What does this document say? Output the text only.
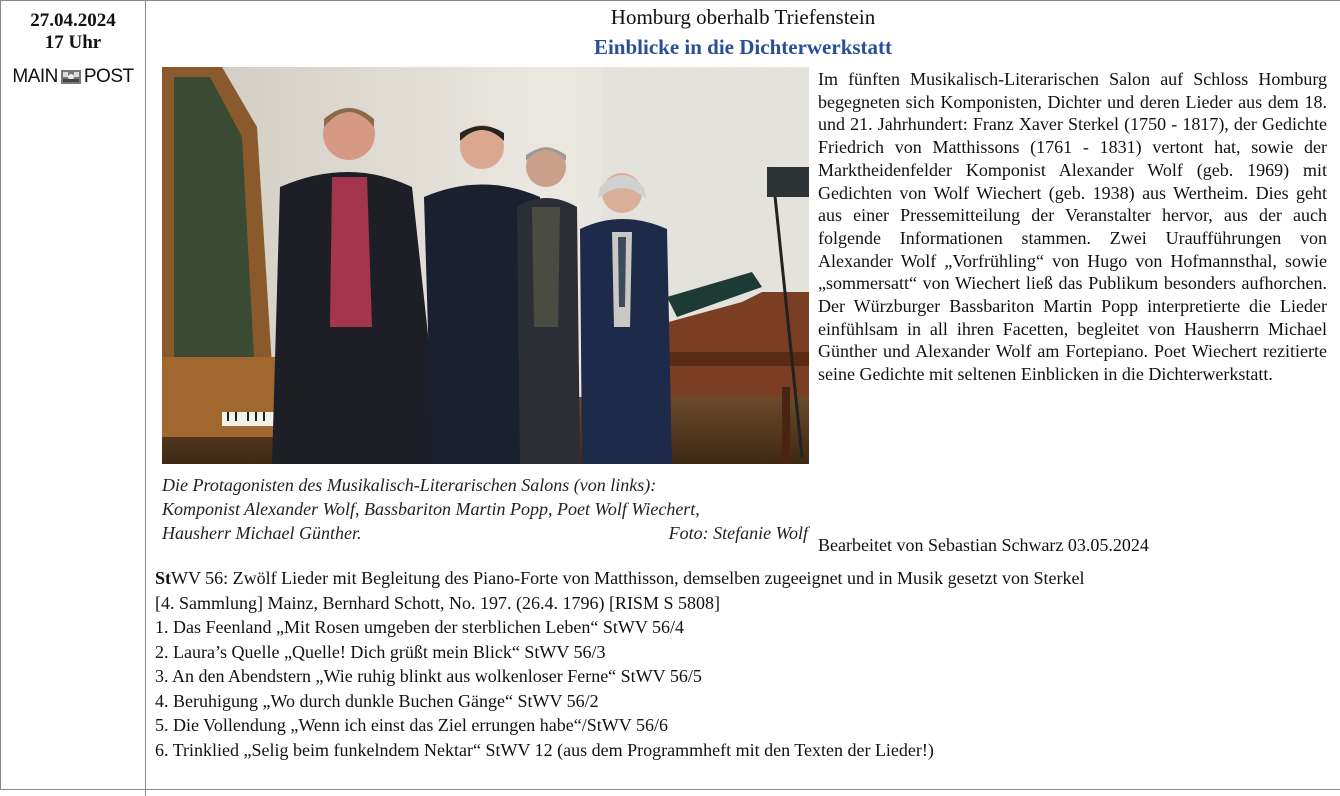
27.04.2024
17 Uhr
MAIN POST
Homburg oberhalb Triefenstein
Einblicke in die Dichterwerkstatt
Die Protagonisten des Musikalisch-Literarischen Salons (von links):
Komponist Alexander Wolf, Bassbariton Martin Popp, Poet Wolf Wiechert,
Hausherr Michael Günther.	Foto: Stefanie Wolf
Im fünften Musikalisch-Literarischen Salon auf Schloss Homburg begegneten sich Komponisten, Dichter und deren Lieder aus dem 18. und 21. Jahrhundert: Franz Xaver Sterkel (1750 - 1817), der Gedichte Friedrich von Matthissons (1761 - 1831) vertont hat, sowie der Marktheidenfelder Komponist Alexander Wolf (geb. 1969) mit Gedichten von Wolf Wiechert (geb. 1938) aus Wertheim. Dies geht aus einer Pressemitteilung der Veranstalter hervor, aus der auch folgende Informationen stammen. Zwei Uraufführungen von Alexander Wolf „Vorfrühling“ von Hugo von Hofmannsthal, sowie „sommersatt“ von Wiechert ließ das Publikum besonders aufhorchen. Der Würzburger Bassbariton Martin Popp interpretierte die Lieder einfühlsam in all ihren Facetten, begleitet von Hausherrn Michael Günther und Alexander Wolf am Fortepiano. Poet Wiechert rezitierte seine Gedichte mit seltenen Einblicken in die Dichterwerkstatt.
Bearbeitet von Sebastian Schwarz 03.05.2024
StWV 56: Zwölf Lieder mit Begleitung des Piano-Forte von Matthisson, demselben zugeeignet und in Musik gesetzt von Sterkel
[4. Sammlung] Mainz, Bernhard Schott, No. 197. (26.4. 1796) [RISM S 5808]
1. Das Feenland „Mit Rosen umgeben der sterblichen Leben“ StWV 56/4
2. Laura’s Quelle „Quelle! Dich grüßt mein Blick“ StWV 56/3
3. An den Abendstern „Wie ruhig blinkt aus wolkenloser Ferne“ StWV 56/5
4. Beruhigung „Wo durch dunkle Buchen Gänge“ StWV 56/2
5. Die Vollendung „Wenn ich einst das Ziel errungen habe“/StWV 56/6
6. Trinklied „Selig beim funkelndem Nektar“ StWV 12 (aus dem Programmheft mit den Texten der Lieder!)
